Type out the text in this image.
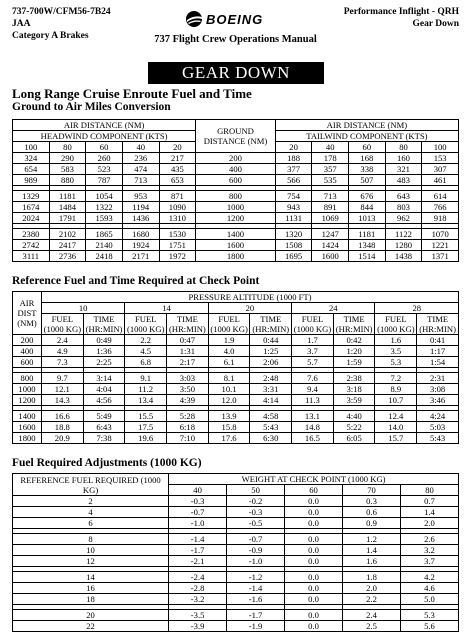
737-700W/CFM56-7B24
JAA
Category A Brakes
BOEING	Performance Inflight - QRH
Gear Down
737 Flight Crew Operations Manual
GEAR DOWN
Long Range Cruise Enroute Fuel and Time
Ground to Air Miles Conversion
AIR DISTANCE (NM)					GROUND DISTANCE (NM)	AIR DISTANCE (NM)				
HEADWIND COMPONENT (KTS)						TAILWIND COMPONENT (KTS)				
100	80	60	40	20		20	40	60	80	100
324	290	260	236	217	200	188	178	168	160	153
654	583	523	474	435	400	377	357	338	321	307
989	880	787	713	653	600	566	535	507	483	461

1329	1181	1054	953	871	800	754	713	676	643	614
1674	1484	1322	1194	1090	1000	943	891	844	803	766
2024	1791	1593	1436	1310	1200	1131	1069	1013	962	918

2380	2102	1865	1680	1530	1400	1320	1247	1181	1122	1070
2742	2417	2140	1924	1751	1600	1508	1424	1348	1280	1221
3111	2736	2418	2171	1972	1800	1695	1600	1514	1438	1371
Reference Fuel and Time Required at Check Point
AIR DIST (NM)	PRESSURE ALTITUDE (1000 FT)									
	10		14		20		24		28	
	FUEL (1000 KG)	TIME (HR:MIN)	FUEL (1000 KG)	TIME (HR:MIN)	FUEL (1000 KG)	TIME (HR:MIN)	FUEL (1000 KG)	TIME (HR:MIN)	FUEL (1000 KG)	TIME (HR:MIN)
200	2.4	0:49	2.2	0:47	1.9	0:44	1.7	0:42	1.6	0:41
400	4.9	1:36	4.5	1:31	4.0	1:25	3.7	1:20	3.5	1:17
600	7.3	2:25	6.8	2:17	6.1	2:06	5.7	1:59	5.3	1:54

800	9.7	3:14	9.1	3:03	8.1	2:48	7.6	2:38	7.2	2:31
1000	12.1	4:04	11.2	3:50	10.1	3:31	9.4	3:18	8.9	3:08
1200	14.3	4:56	13.4	4:39	12.0	4:14	11.3	3:59	10.7	3:46

1400	16.6	5:49	15.5	5:28	13.9	4:58	13.1	4:40	12.4	4:24
1600	18.8	6:43	17.5	6:18	15.8	5:43	14.8	5:22	14.0	5:03
1800	20.9	7:38	19.6	7:10	17.6	6:30	16.5	6:05	15.7	5:43
Fuel Required Adjustments (1000 KG)
REFERENCE FUEL REQUIRED (1000 KG)	WEIGHT AT CHECK POINT (1000 KG)				
	40	50	60	70	80
2	-0.3	-0.2	0.0	0.3	0.7
4	-0.7	-0.3	0.0	0.6	1.4
6	-1.0	-0.5	0.0	0.9	2.0

8	-1.4	-0.7	0.0	1.2	2.6
10	-1.7	-0.9	0.0	1.4	3.2
12	-2.1	-1.0	0.0	1.6	3.7

14	-2.4	-1.2	0.0	1.8	4.2
16	-2.8	-1.4	0.0	2.0	4.6
18	-3.2	-1.6	0.0	2.2	5.0

20	-3.5	-1.7	0.0	2.4	5.3
22	-3.9	-1.9	0.0	2.5	5.6
